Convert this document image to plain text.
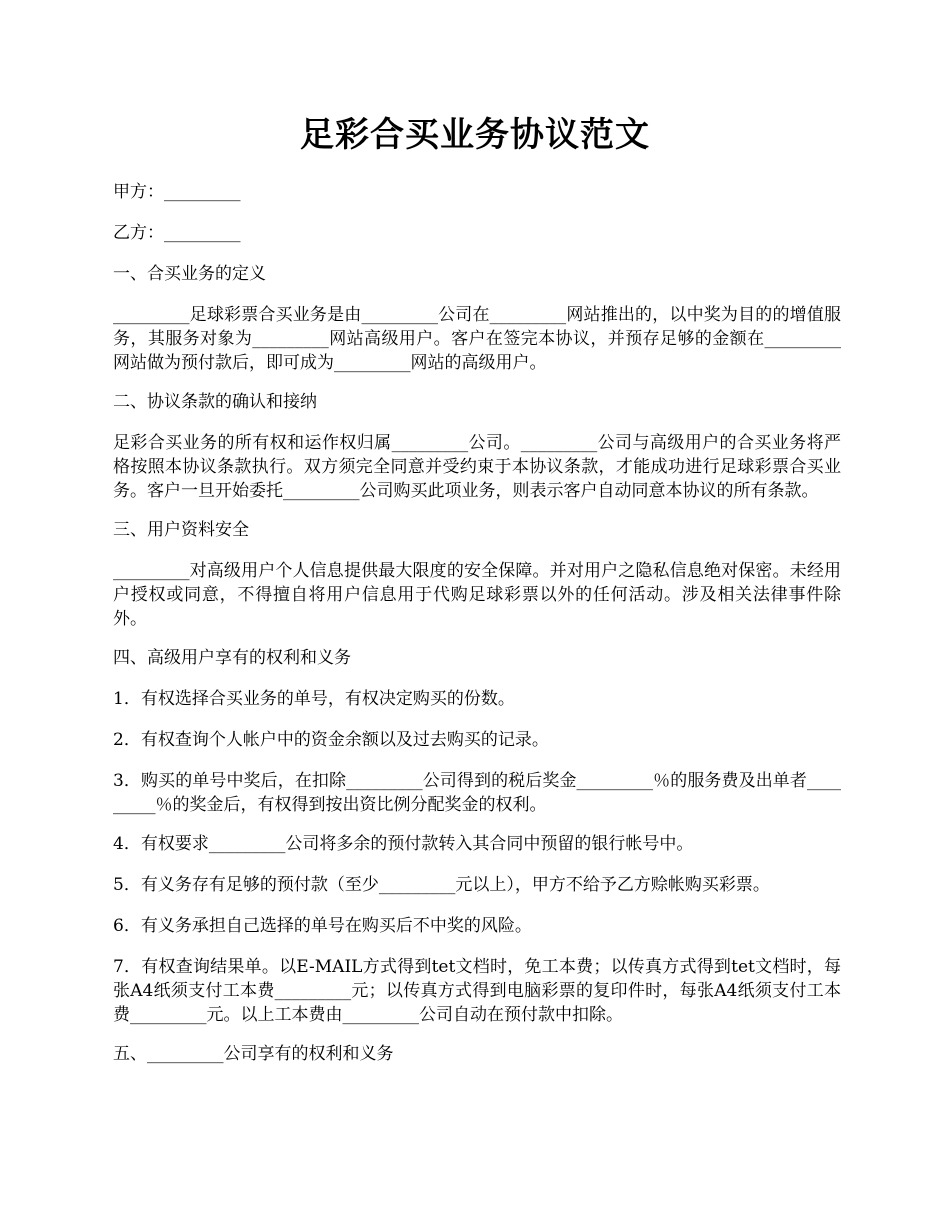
足彩合买业务协议范文

甲方：_________

乙方：_________

一、合买业务的定义

_________足球彩票合买业务是由_________公司在_________网站推出的，以中奖为目的的增值服务，其服务对象为_________网站高级用户。客户在签完本协议，并预存足够的金额在_________网站做为预付款后，即可成为_________网站的高级用户。

二、协议条款的确认和接纳

足彩合买业务的所有权和运作权归属_________公司。_________公司与高级用户的合买业务将严格按照本协议条款执行。双方须完全同意并受约束于本协议条款，才能成功进行足球彩票合买业务。客户一旦开始委托_________公司购买此项业务，则表示客户自动同意本协议的所有条款。

三、用户资料安全

_________对高级用户个人信息提供最大限度的安全保障。并对用户之隐私信息绝对保密。未经用户授权或同意，不得擅自将用户信息用于代购足球彩票以外的任何活动。涉及相关法律事件除外。

四、高级用户享有的权利和义务

1．有权选择合买业务的单号，有权决定购买的份数。

2．有权查询个人帐户中的资金余额以及过去购买的记录。

3．购买的单号中奖后，在扣除_________公司得到的税后奖金_________％的服务费及出单者_________％的奖金后，有权得到按出资比例分配奖金的权利。

4．有权要求_________公司将多余的预付款转入其合同中预留的银行帐号中。

5．有义务存有足够的预付款（至少_________元以上），甲方不给予乙方赊帐购买彩票。

6．有义务承担自己选择的单号在购买后不中奖的风险。

7．有权查询结果单。以E-MAIL方式得到tet文档时，免工本费；以传真方式得到tet文档时，每张A4纸须支付工本费_________元；以传真方式得到电脑彩票的复印件时，每张A4纸须支付工本费_________元。以上工本费由_________公司自动在预付款中扣除。

五、_________公司享有的权利和义务
